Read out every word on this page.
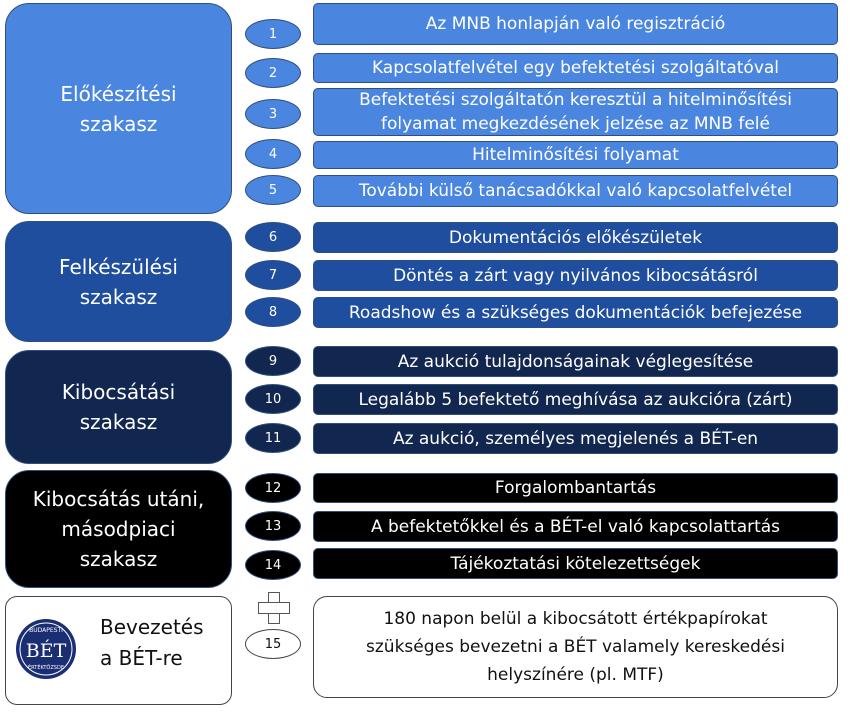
Előkészítési
szakasz
Felkészülési
szakasz
Kibocsátási
szakasz
Kibocsátás utáni,
másodpiaci
szakasz
BUDAPESTI
BÉT
ÉRTÉKTŐZSDE
Bevezetés
a BÉT-re
1
2
3
4
5
6
7
8
9
10
11
12
13
14
15
Az MNB honlapján való regisztráció
Kapcsolatfelvétel egy befektetési szolgáltatóval
Befektetési szolgáltatón keresztül a hitelminősítési
folyamat megkezdésének jelzése az MNB felé
Hitelminősítési folyamat
További külső tanácsadókkal való kapcsolatfelvétel
Dokumentációs előkészületek
Döntés a zárt vagy nyilvános kibocsátásról
Roadshow és a szükséges dokumentációk befejezése
Az aukció tulajdonságainak véglegesítése
Legalább 5 befektető meghívása az aukcióra (zárt)
Az aukció, személyes megjelenés a BÉT-en
Forgalombantartás
A befektetőkkel és a BÉT-el való kapcsolattartás
Tájékoztatási kötelezettségek
180 napon belül a kibocsátott értékpapírokat
szükséges bevezetni a BÉT valamely kereskedési
helyszínére (pl. MTF)
